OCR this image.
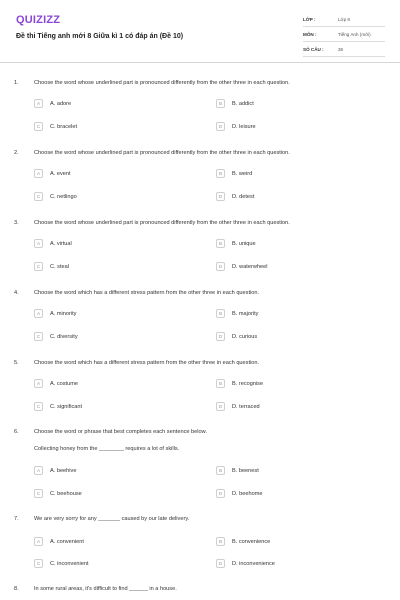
QUIZIZZ
Đề thi Tiếng anh mới 8 Giữa kì 1 có đáp án (Đề 10)
LỚP :	Lớp 8
MÔN :	Tiếng Anh (mới)
SỐ CÂU :	36
1.	Choose the word whose underlined part is pronounced differently from the other three in each question.
A	A. adore	B	B. addict
C	C. bracelet	D	D. leisure
2.	Choose the word whose underlined part is pronounced differently from the other three in each question.
A	A. event	B	B. weird
C	C. netlingo	D	D. detest
3.	Choose the word whose underlined part is pronounced differently from the other three in each question.
A	A. virtual	B	B. unique
C	C. steal	D	D. waterwheel
4.	Choose the word which has a different stress pattern from the other three in each question.
A	A. minority	B	B. majority
C	C. diversity	D	D. curious
5.	Choose the word which has a different stress pattern from the other three in each question.
A	A. costume	B	B. recognise
C	C. significant	D	D. terraced
6.	Choose the word or phrase that best completes each sentence below.
Collecting honey from the ________ requires a lot of skills.
A	A. beehive	B	B. beenest
C	C. beehouse	D	D. beehome
7.	We are very sorry for any _______ caused by our late delivery.
A	A. convenient	B	B. convenience
C	C. inconvenient	D	D. inconvenience
8.	In some rural areas, it's difficult to find ______ in a house.
